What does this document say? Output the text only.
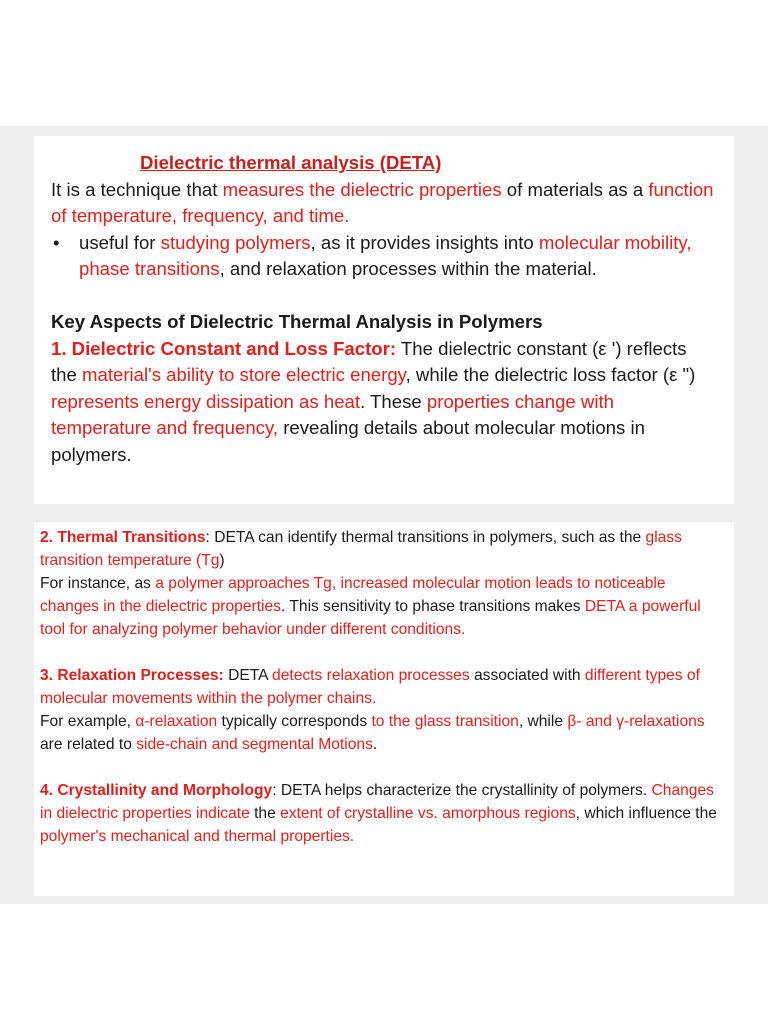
Dielectric thermal analysis (DETA)

It is a technique that measures the dielectric properties of materials as a function of temperature, frequency, and time.

•	useful for studying polymers, as it provides insights into molecular mobility, phase transitions, and relaxation processes within the material.

Key Aspects of Dielectric Thermal Analysis in Polymers

1. Dielectric Constant and Loss Factor: The dielectric constant (ε ') reflects the material's ability to store electric energy, while the dielectric loss factor (ε ") represents energy dissipation as heat. These properties change with temperature and frequency, revealing details about molecular motions in polymers.

2. Thermal Transitions: DETA can identify thermal transitions in polymers, such as the glass transition temperature (Tg)
For instance, as a polymer approaches Tg, increased molecular motion leads to noticeable changes in the dielectric properties. This sensitivity to phase transitions makes DETA a powerful tool for analyzing polymer behavior under different conditions.

3. Relaxation Processes: DETA detects relaxation processes associated with different types of molecular movements within the polymer chains.
For example, α-relaxation typically corresponds to the glass transition, while β- and γ-relaxations are related to side-chain and segmental Motions.

4. Crystallinity and Morphology: DETA helps characterize the crystallinity of polymers. Changes in dielectric properties indicate the extent of crystalline vs. amorphous regions, which influence the polymer's mechanical and thermal properties.
